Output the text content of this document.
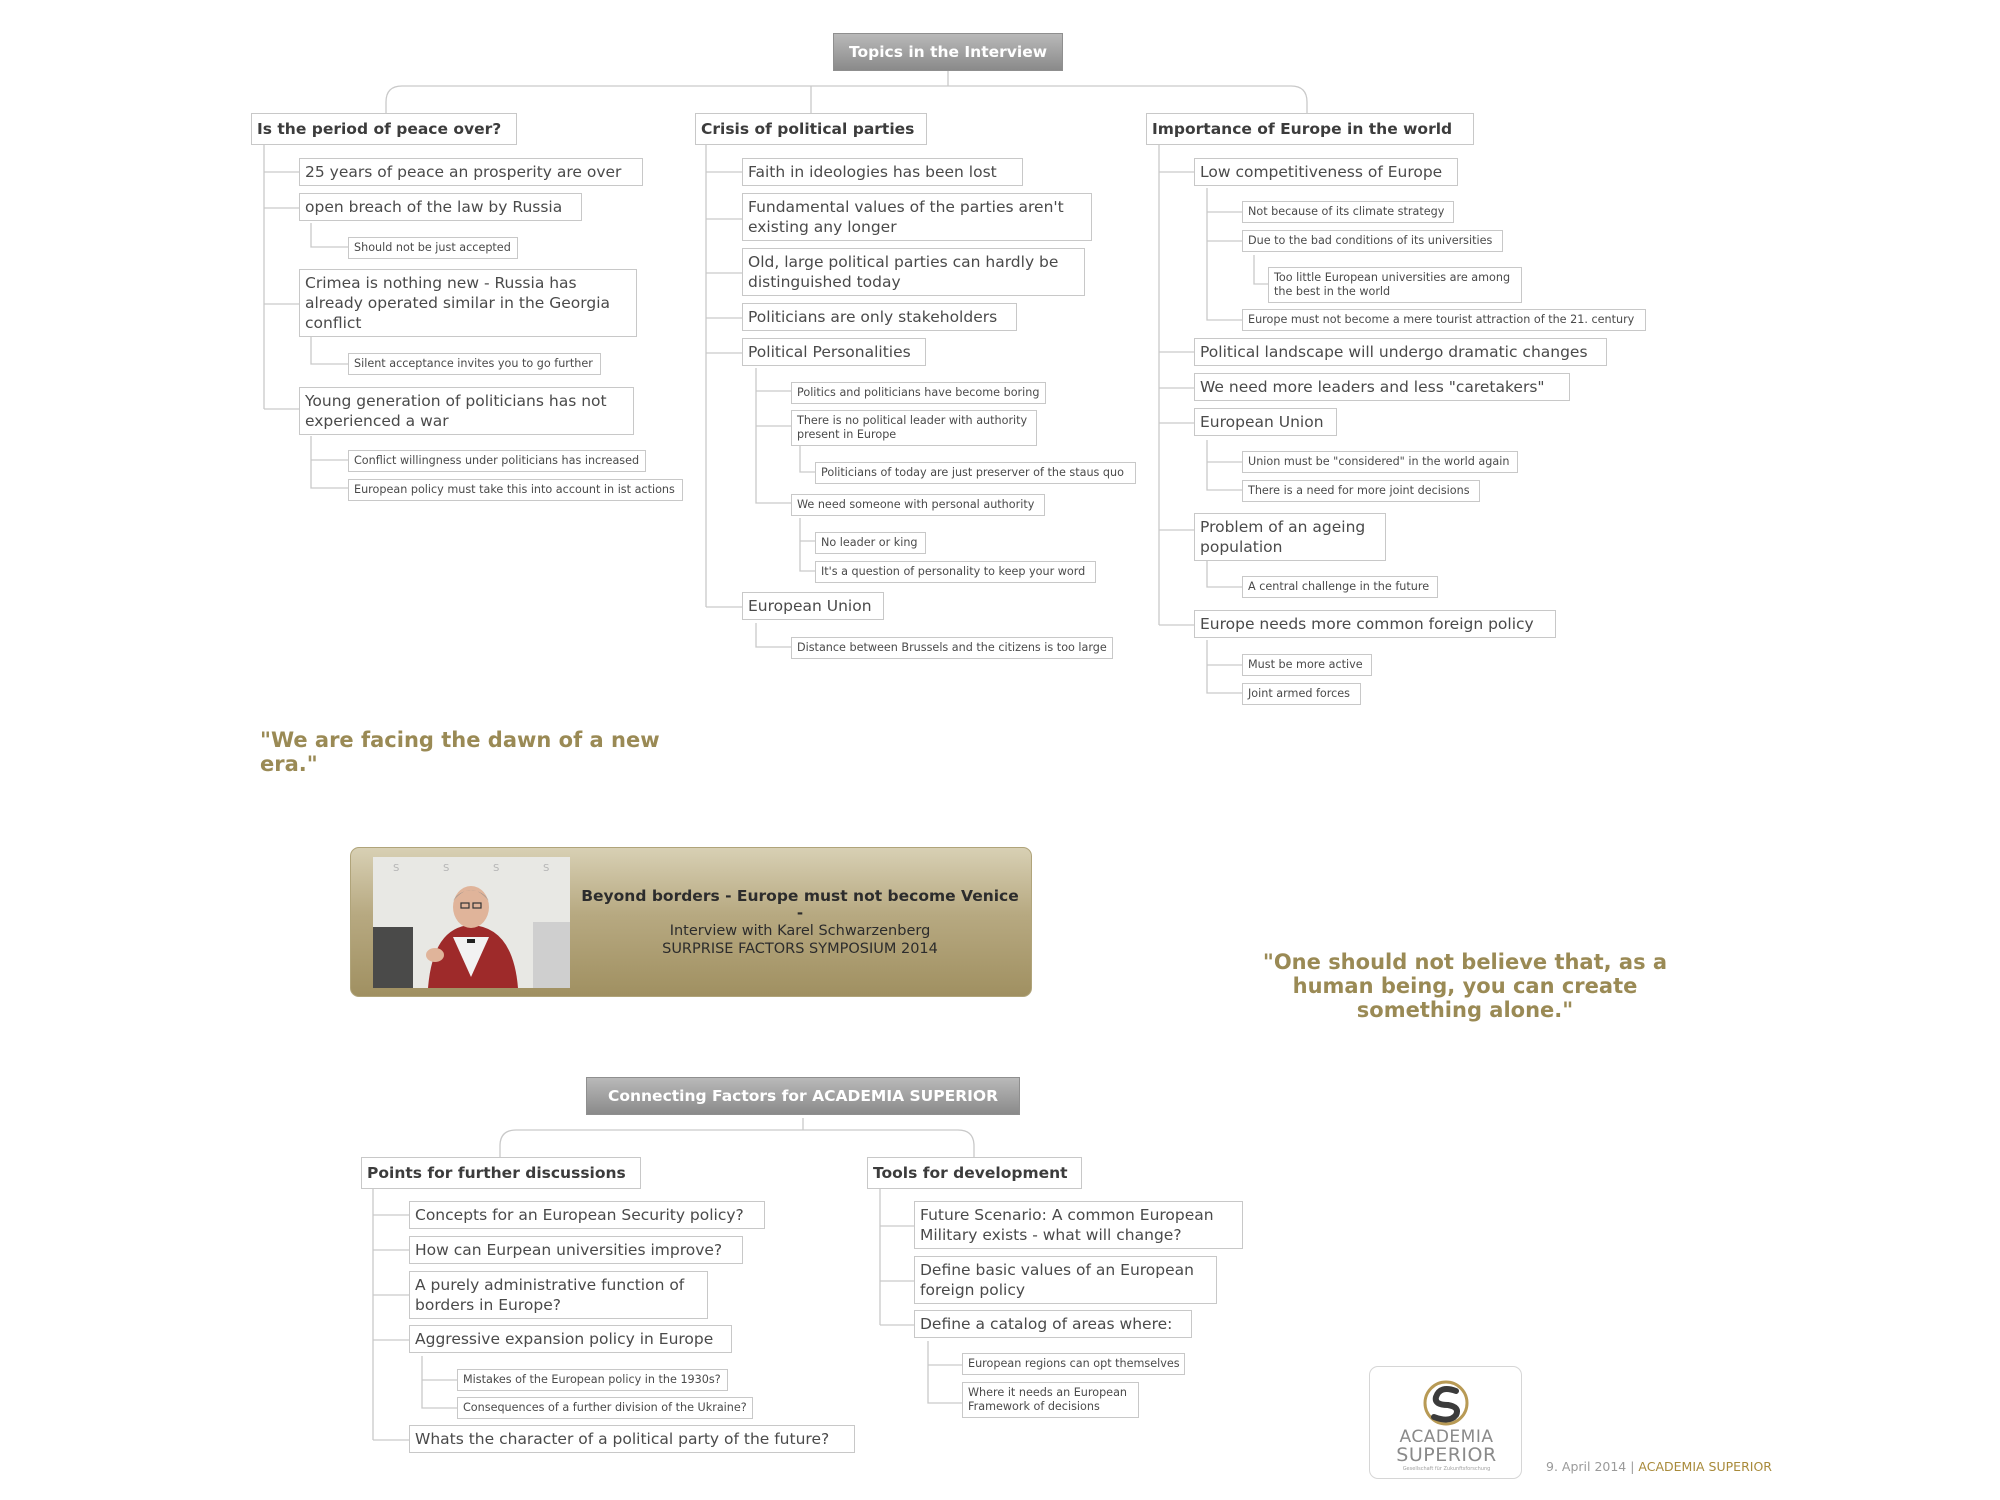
Topics in the Interview
Is the period of peace over?
25 years of peace an prosperity are over
open breach of the law by Russia
Should not be just accepted
Crimea is nothing new - Russia has already operated similar in the Georgia conflict
Silent acceptance invites you to go further
Young generation of politicians has not experienced a war
Conflict willingness under politicians has increased
European policy must take this into account in ist actions
Crisis of political parties
Faith in ideologies has been lost
Fundamental values of the parties aren't existing any longer
Old, large political parties can hardly be distinguished today
Politicians are only stakeholders
Political Personalities
Politics and politicians have become boring
There is no political leader with authority present in Europe
Politicians of today are just preserver of the staus quo
We need someone with personal authority
No leader or king
It's a question of personality to keep your word
European Union
Distance between Brussels and the citizens is too large
Importance of Europe in the world
Low competitiveness of Europe
Not because of its climate strategy
Due to the bad conditions of its universities
Too little European universities are among the best in the world
Europe must not become a mere tourist attraction of the 21. century
Political landscape will undergo dramatic changes
We need more leaders and less "caretakers"
European Union
Union must be "considered" in the world again
There is a need for more joint decisions
Problem of an ageing population
A central challenge in the future
Europe needs more common foreign policy
Must be more active
Joint armed forces
"We are facing the dawn of a new era."
"One should not believe that, as a human being, you can create something alone."
S	S	S	S
Beyond borders - Europe must not become Venice
-
Interview with Karel Schwarzenberg
SURPRISE FACTORS SYMPOSIUM 2014
Connecting Factors for ACADEMIA SUPERIOR
Points for further discussions
Concepts for an European Security policy?
How can Eurpean universities improve?
A purely administrative function of borders in Europe?
Aggressive expansion policy in Europe
Mistakes of the European policy in the 1930s?
Consequences of a further division of the Ukraine?
Whats the character of a political party of the future?
Tools for development
Future Scenario: A common European Military exists - what will change?
Define basic values of an European foreign policy
Define a catalog of areas where:
European regions can opt themselves
Where it needs an European Framework of decisions
ACADEMIA
SUPERIOR
Gesellschaft für Zukunftsforschung	9. April 2014 | ACADEMIA SUPERIOR
